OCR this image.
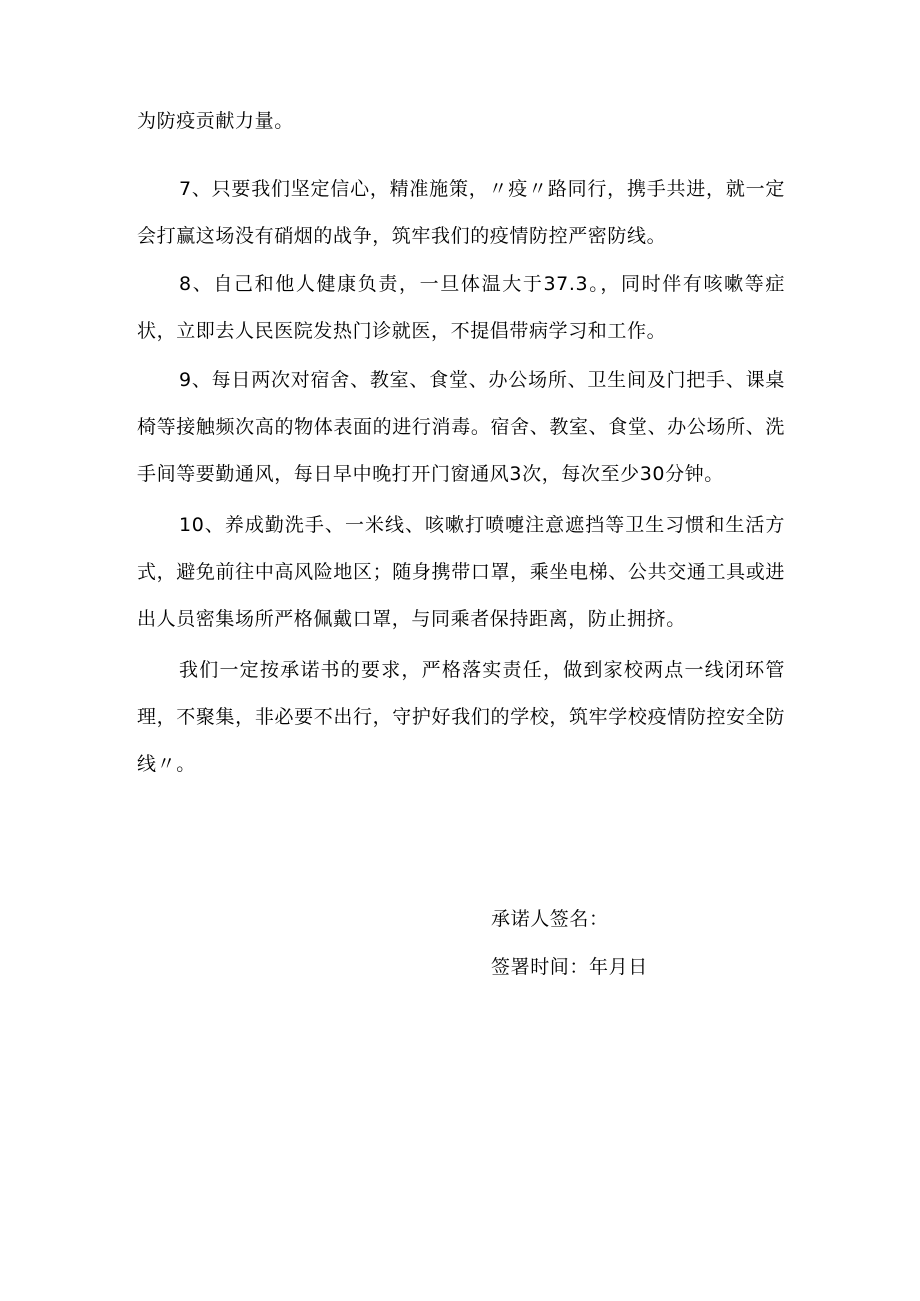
为防疫贡献力量。

7、只要我们坚定信心，精准施策，〃疫〃路同行，携手共进，就一定会打赢这场没有硝烟的战争，筑牢我们的疫情防控严密防线。

8、自己和他人健康负责，一旦体温大于37.3。，同时伴有咳嗽等症状，立即去人民医院发热门诊就医，不提倡带病学习和工作。

9、每日两次对宿舍、教室、食堂、办公场所、卫生间及门把手、课桌椅等接触频次高的物体表面的进行消毒。宿舍、教室、食堂、办公场所、洗手间等要勤通风，每日早中晚打开门窗通风3次，每次至少30分钟。

10、养成勤洗手、一米线、咳嗽打喷嚏注意遮挡等卫生习惯和生活方式，避免前往中高风险地区；随身携带口罩，乘坐电梯、公共交通工具或进出人员密集场所严格佩戴口罩，与同乘者保持距离，防止拥挤。

我们一定按承诺书的要求，严格落实责任，做到家校两点一线闭环管理，不聚集，非必要不出行，守护好我们的学校，筑牢学校疫情防控安全防线〃。

承诺人签名：

签署时间：年月日
